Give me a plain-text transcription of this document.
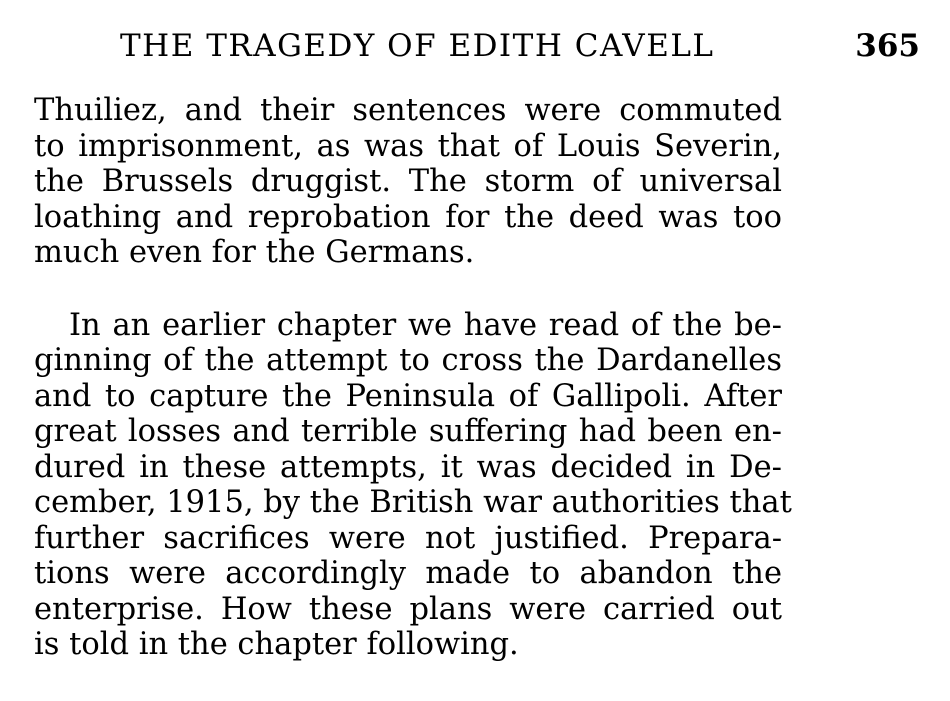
THE TRAGEDY OF EDITH CAVELL	365
Thuiliez, and their sentences were commuted
to imprisonment, as was that of Louis Severin,
the Brussels druggist. The storm of universal
loathing and reprobation for the deed was too
much even for the Germans.
In an earlier chapter we have read of the be-
ginning of the attempt to cross the Dardanelles
and to capture the Peninsula of Gallipoli. After
great losses and terrible suffering had been en-
dured in these attempts, it was decided in De-
cember, 1915, by the British war authorities that
further sacrifices were not justified. Prepara-
tions were accordingly made to abandon the
enterprise. How these plans were carried out
is told in the chapter following.
